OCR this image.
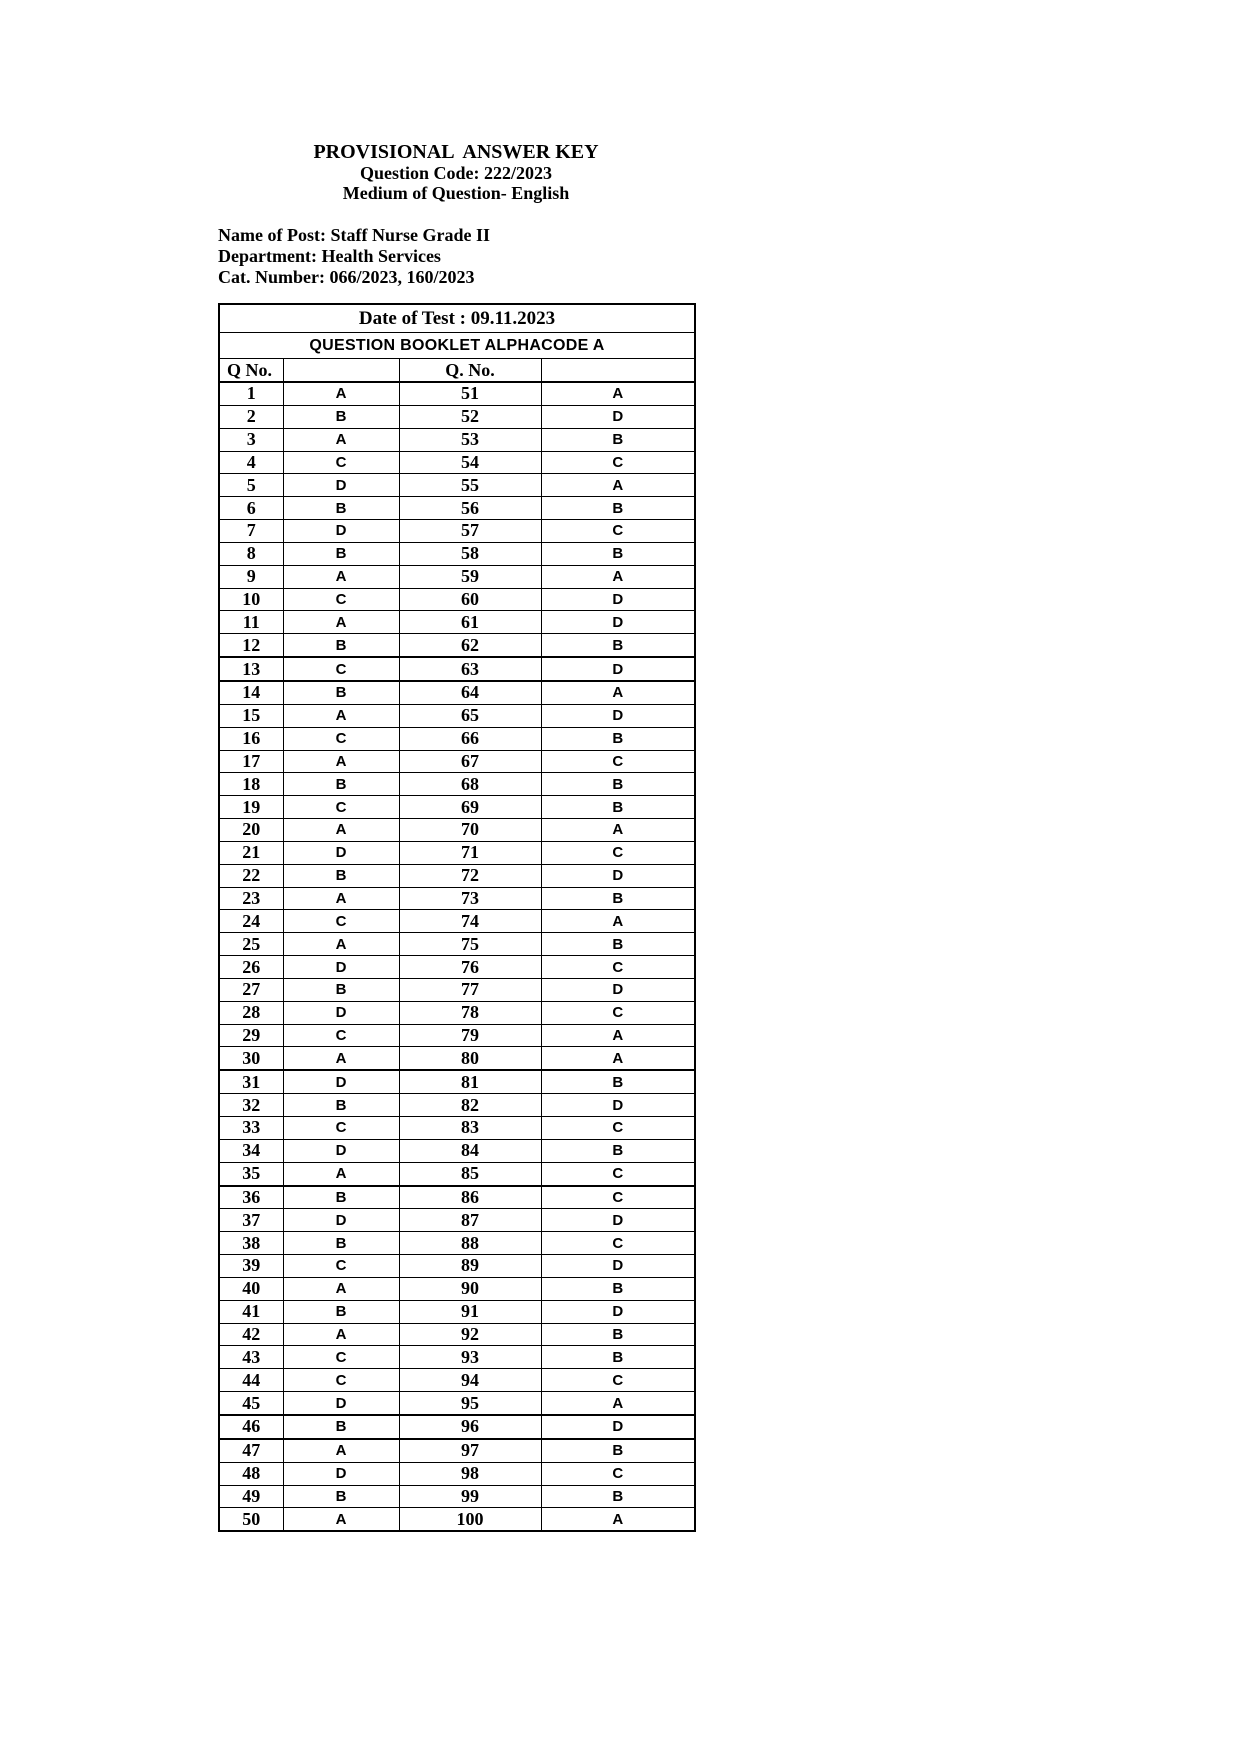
PROVISIONAL  ANSWER KEY
Question Code: 222/2023
Medium of Question- English
Name of Post: Staff Nurse Grade II
Department: Health Services
Cat. Number: 066/2023, 160/2023
Date of Test : 09.11.2023			
QUESTION BOOKLET ALPHACODE A			
Q No.		Q. No.	
1	A	51	A
2	B	52	D
3	A	53	B
4	C	54	C
5	D	55	A
6	B	56	B
7	D	57	C
8	B	58	B
9	A	59	A
10	C	60	D
11	A	61	D
12	B	62	B
13	C	63	D
14	B	64	A
15	A	65	D
16	C	66	B
17	A	67	C
18	B	68	B
19	C	69	B
20	A	70	A
21	D	71	C
22	B	72	D
23	A	73	B
24	C	74	A
25	A	75	B
26	D	76	C
27	B	77	D
28	D	78	C
29	C	79	A
30	A	80	A
31	D	81	B
32	B	82	D
33	C	83	C
34	D	84	B
35	A	85	C
36	B	86	C
37	D	87	D
38	B	88	C
39	C	89	D
40	A	90	B
41	B	91	D
42	A	92	B
43	C	93	B
44	C	94	C
45	D	95	A
46	B	96	D
47	A	97	B
48	D	98	C
49	B	99	B
50	A	100	A
